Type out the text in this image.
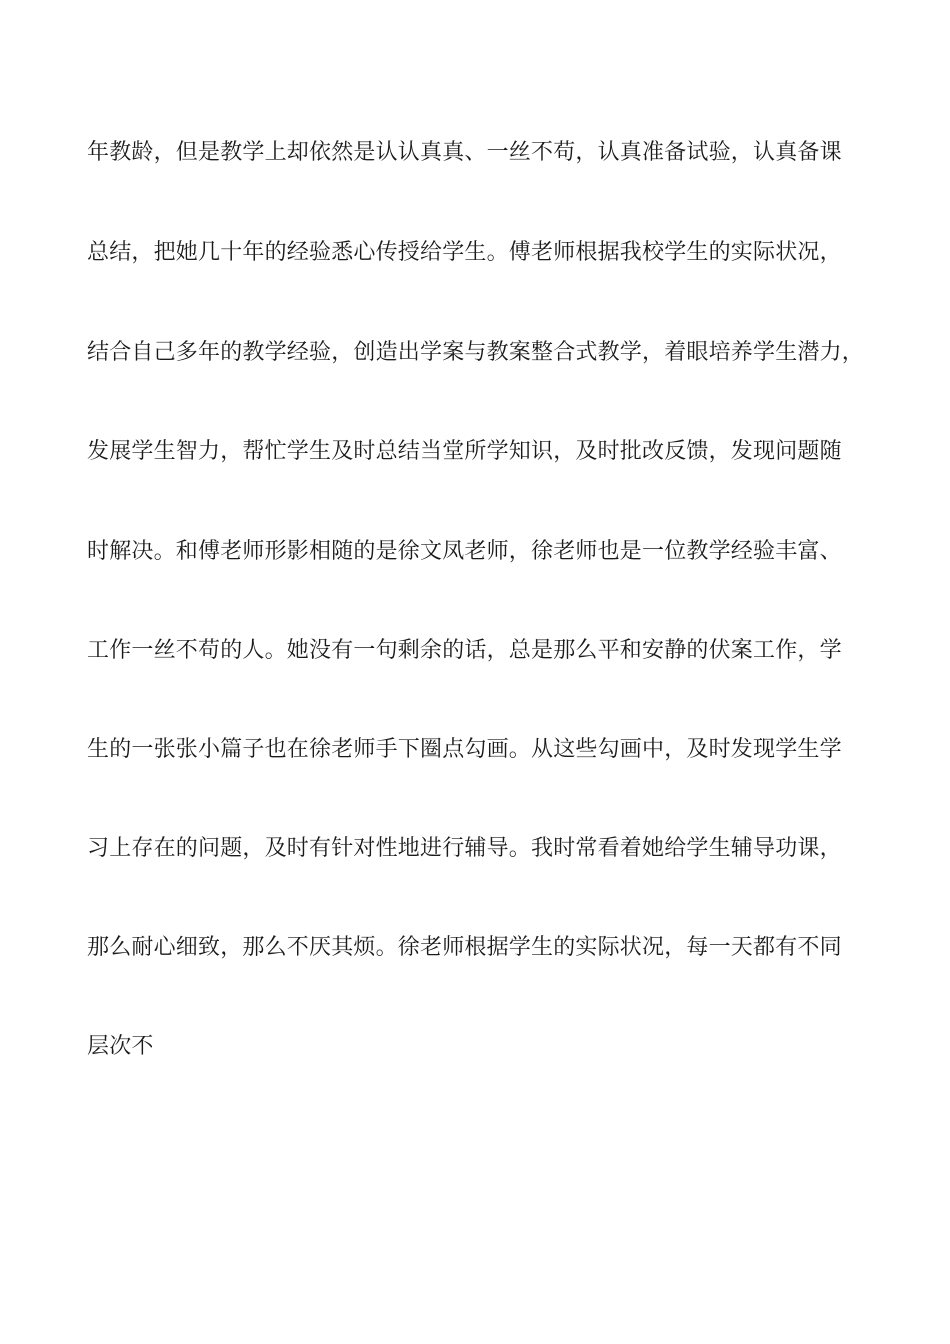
年教龄，但是教学上却依然是认认真真、一丝不苟，认真准备试验，认真备课
总结，把她几十年的经验悉心传授给学生。傅老师根据我校学生的实际状况，
结合自己多年的教学经验，创造出学案与教案整合式教学，着眼培养学生潜力，
发展学生智力，帮忙学生及时总结当堂所学知识，及时批改反馈，发现问题随
时解决。和傅老师形影相随的是徐文凤老师，徐老师也是一位教学经验丰富、
工作一丝不苟的人。她没有一句剩余的话，总是那么平和安静的伏案工作，学
生的一张张小篇子也在徐老师手下圈点勾画。从这些勾画中，及时发现学生学
习上存在的问题，及时有针对性地进行辅导。我时常看着她给学生辅导功课，
那么耐心细致，那么不厌其烦。徐老师根据学生的实际状况，每一天都有不同
层次不
